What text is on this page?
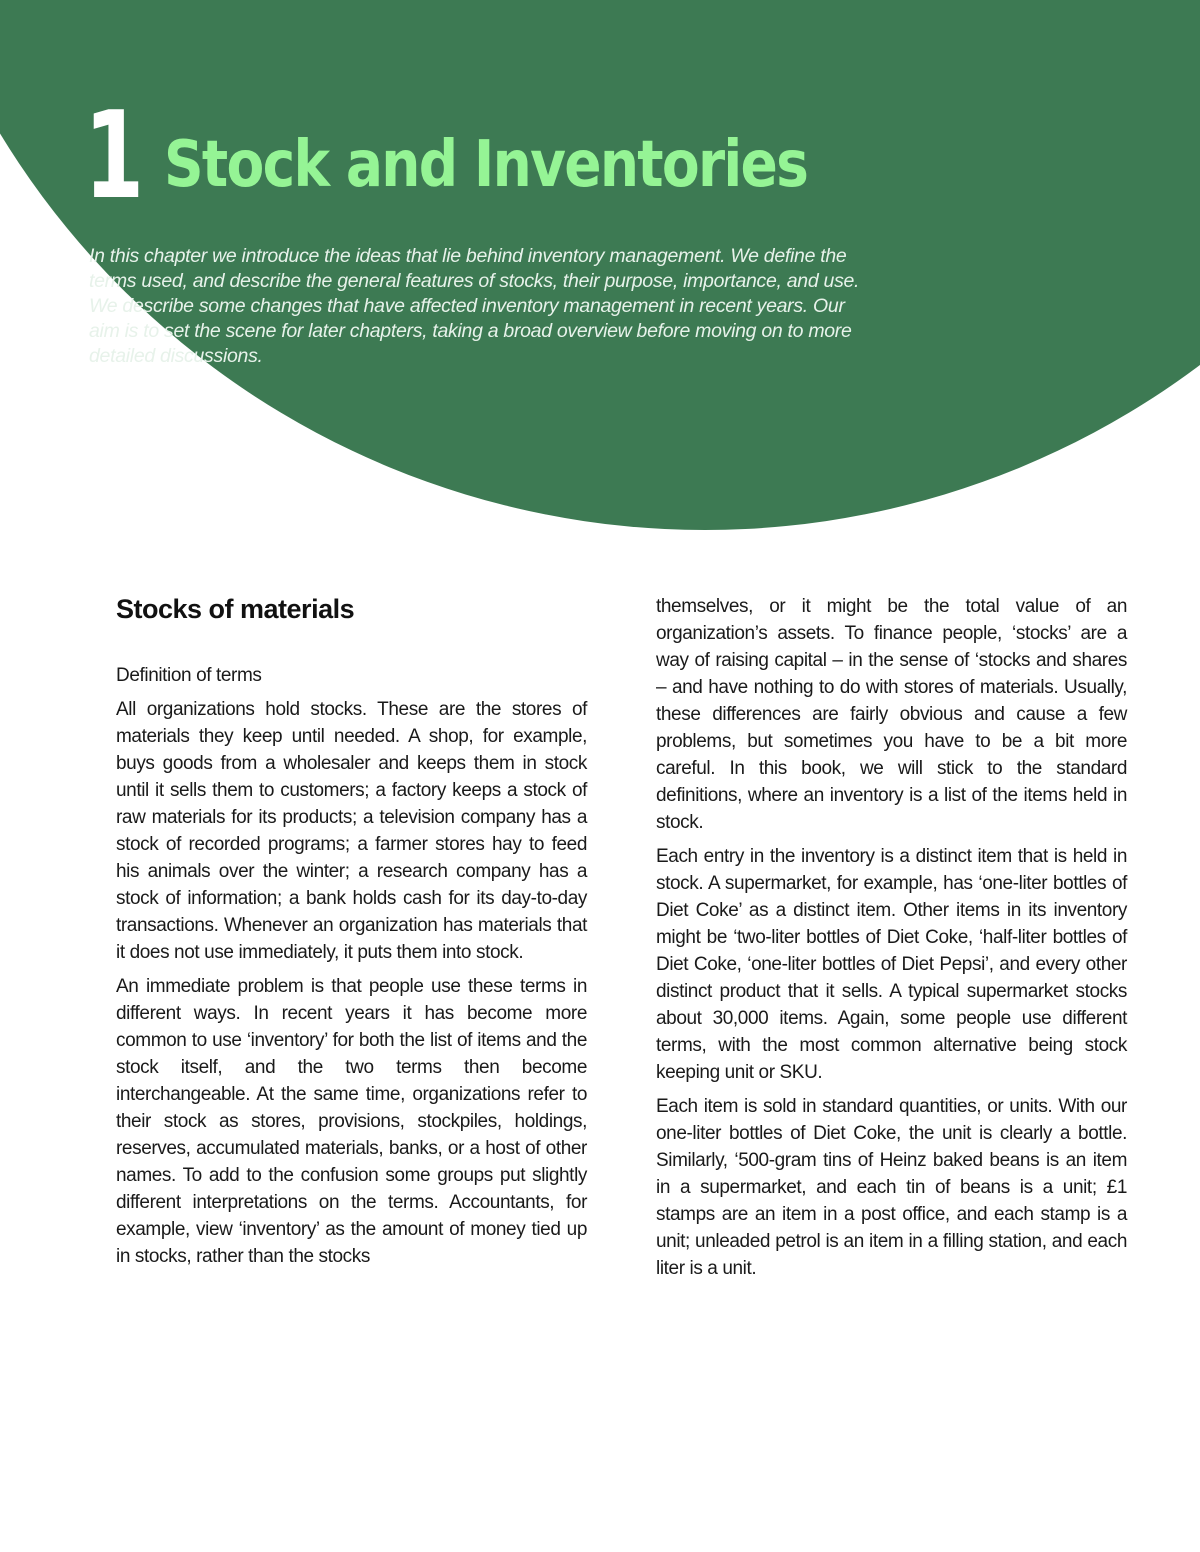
1 Stock and Inventories

In this chapter we introduce the ideas that lie behind inventory management. We define the terms used, and describe the general features of stocks, their purpose, importance, and use. We describe some changes that have affected inventory management in recent years. Our aim is to set the scene for later chapters, taking a broad overview before moving on to more detailed discussions.

Stocks of materials
Definition of terms

All organizations hold stocks. These are the stores of materials they keep until needed. A shop, for example, buys goods from a wholesaler and keeps them in stock until it sells them to customers; a factory keeps a stock of raw materials for its products; a television company has a stock of recorded programs; a farmer stores hay to feed his animals over the winter; a research company has a stock of information; a bank holds cash for its day-to-day transactions. Whenever an organization has materials that it does not use immediately, it puts them into stock.

An immediate problem is that people use these terms in different ways. In recent years it has become more common to use ‘inventory’ for both the list of items and the stock itself, and the two terms then become interchangeable. At the same time, organizations refer to their stock as stores, provisions, stockpiles, holdings, reserves, accumulated materials, banks, or a host of other names. To add to the confusion some groups put slightly different interpretations on the terms. Accountants, for example, view ‘inventory’ as the amount of money tied up in stocks, rather than the stocks

themselves, or it might be the total value of an organization’s assets. To finance people, ‘stocks’ are a way of raising capital – in the sense of ‘stocks and shares – and have nothing to do with stores of materials. Usually, these differences are fairly obvious and cause a few problems, but sometimes you have to be a bit more careful. In this book, we will stick to the standard definitions, where an inventory is a list of the items held in stock.

Each entry in the inventory is a distinct item that is held in stock. A supermarket, for example, has ‘one-liter bottles of Diet Coke’ as a distinct item. Other items in its inventory might be ‘two-liter bottles of Diet Coke, ‘half-liter bottles of Diet Coke, ‘one-liter bottles of Diet Pepsi’, and every other distinct product that it sells. A typical supermarket stocks about 30,000 items. Again, some people use different terms, with the most common alternative being stock keeping unit or SKU.

Each item is sold in standard quantities, or units. With our one-liter bottles of Diet Coke, the unit is clearly a bottle. Similarly, ‘500-gram tins of Heinz baked beans is an item in a supermarket, and each tin of beans is a unit; £1 stamps are an item in a post office, and each stamp is a unit; unleaded petrol is an item in a filling station, and each liter is a unit.
